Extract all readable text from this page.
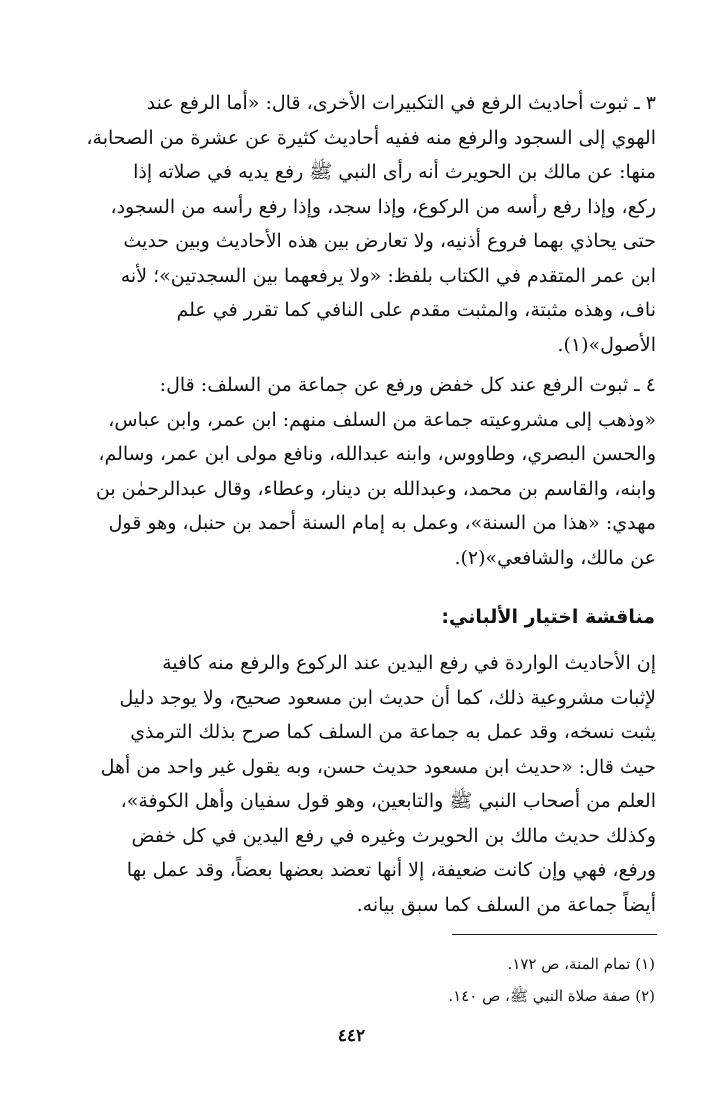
٣ ـ ثبوت أحاديث الرفع في التكبيرات الأخرى، قال: «أما الرفع عند
الهوي إلى السجود والرفع منه ففيه أحاديث كثيرة عن عشرة من الصحابة،
منها: عن مالك بن الحويرث أنه رأى النبي ﷺ رفع يديه في صلاته إذا
ركع، وإذا رفع رأسه من الركوع، وإذا سجد، وإذا رفع رأسه من السجود،
حتى يحاذي بهما فروع أذنيه، ولا تعارض بين هذه الأحاديث وبين حديث
ابن عمر المتقدم في الكتاب بلفظ: «ولا يرفعهما بين السجدتين»؛ لأنه
ناف، وهذه مثبتة، والمثبت مقدم على النافي كما تقرر في علم
الأصول»(١).
٤ ـ ثبوت الرفع عند كل خفض ورفع عن جماعة من السلف: قال:
«وذهب إلى مشروعيته جماعة من السلف منهم: ابن عمر، وابن عباس،
والحسن البصري، وطاووس، وابنه عبدالله، ونافع مولى ابن عمر، وسالم،
وابنه، والقاسم بن محمد، وعبدالله بن دينار، وعطاء، وقال عبدالرحمٰن بن
مهدي: «هذا من السنة»، وعمل به إمام السنة أحمد بن حنبل، وهو قول
عن مالك، والشافعي»(٢).
مناقشة اختيار الألباني:
إن الأحاديث الواردة في رفع اليدين عند الركوع والرفع منه كافية
لإثبات مشروعية ذلك، كما أن حديث ابن مسعود صحيح، ولا يوجد دليل
يثبت نسخه، وقد عمل به جماعة من السلف كما صرح بذلك الترمذي
حيث قال: «حديث ابن مسعود حديث حسن، وبه يقول غير واحد من أهل
العلم من أصحاب النبي ﷺ والتابعين، وهو قول سفيان وأهل الكوفة»،
وكذلك حديث مالك بن الحويرث وغيره في رفع اليدين في كل خفض
ورفع، فهي وإن كانت ضعيفة، إلا أنها تعضد بعضها بعضاً، وقد عمل بها
أيضاً جماعة من السلف كما سبق بيانه.
(١) تمام المنة، ص ١٧٢.
(٢) صفة صلاة النبي ﷺ، ص ١٤٠.
٤٤٢
